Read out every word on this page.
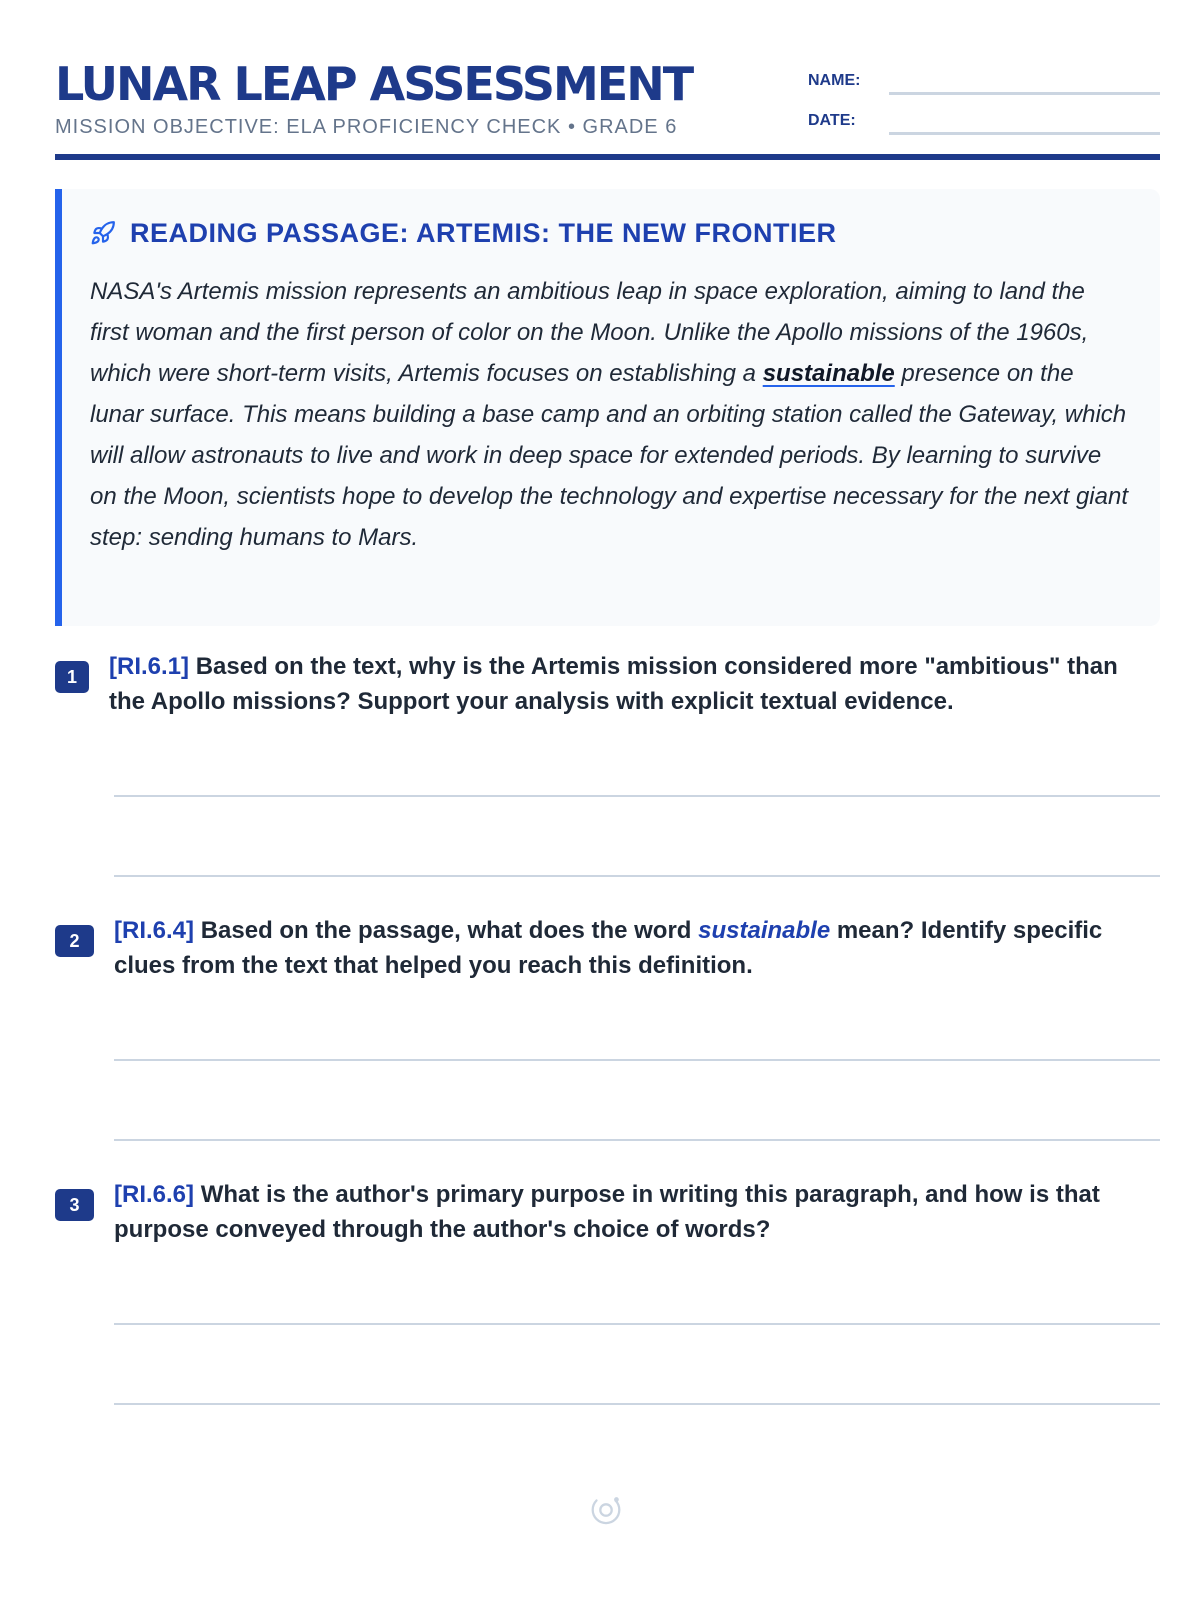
LUNAR LEAP ASSESSMENT
MISSION OBJECTIVE: ELA PROFICIENCY CHECK • GRADE 6
NAME:
DATE:
READING PASSAGE: ARTEMIS: THE NEW FRONTIER
NASA's Artemis mission represents an ambitious leap in space exploration, aiming to land the first woman and the first person of color on the Moon. Unlike the Apollo missions of the 1960s, which were short-term visits, Artemis focuses on establishing a sustainable presence on the lunar surface. This means building a base camp and an orbiting station called the Gateway, which will allow astronauts to live and work in deep space for extended periods. By learning to survive on the Moon, scientists hope to develop the technology and expertise necessary for the next giant step: sending humans to Mars.
1	[RI.6.1] Based on the text, why is the Artemis mission considered more "ambitious" than the Apollo missions? Support your analysis with explicit textual evidence.
2	[RI.6.4] Based on the passage, what does the word sustainable mean? Identify specific clues from the text that helped you reach this definition.
3	[RI.6.6] What is the author's primary purpose in writing this paragraph, and how is that purpose conveyed through the author's choice of words?
